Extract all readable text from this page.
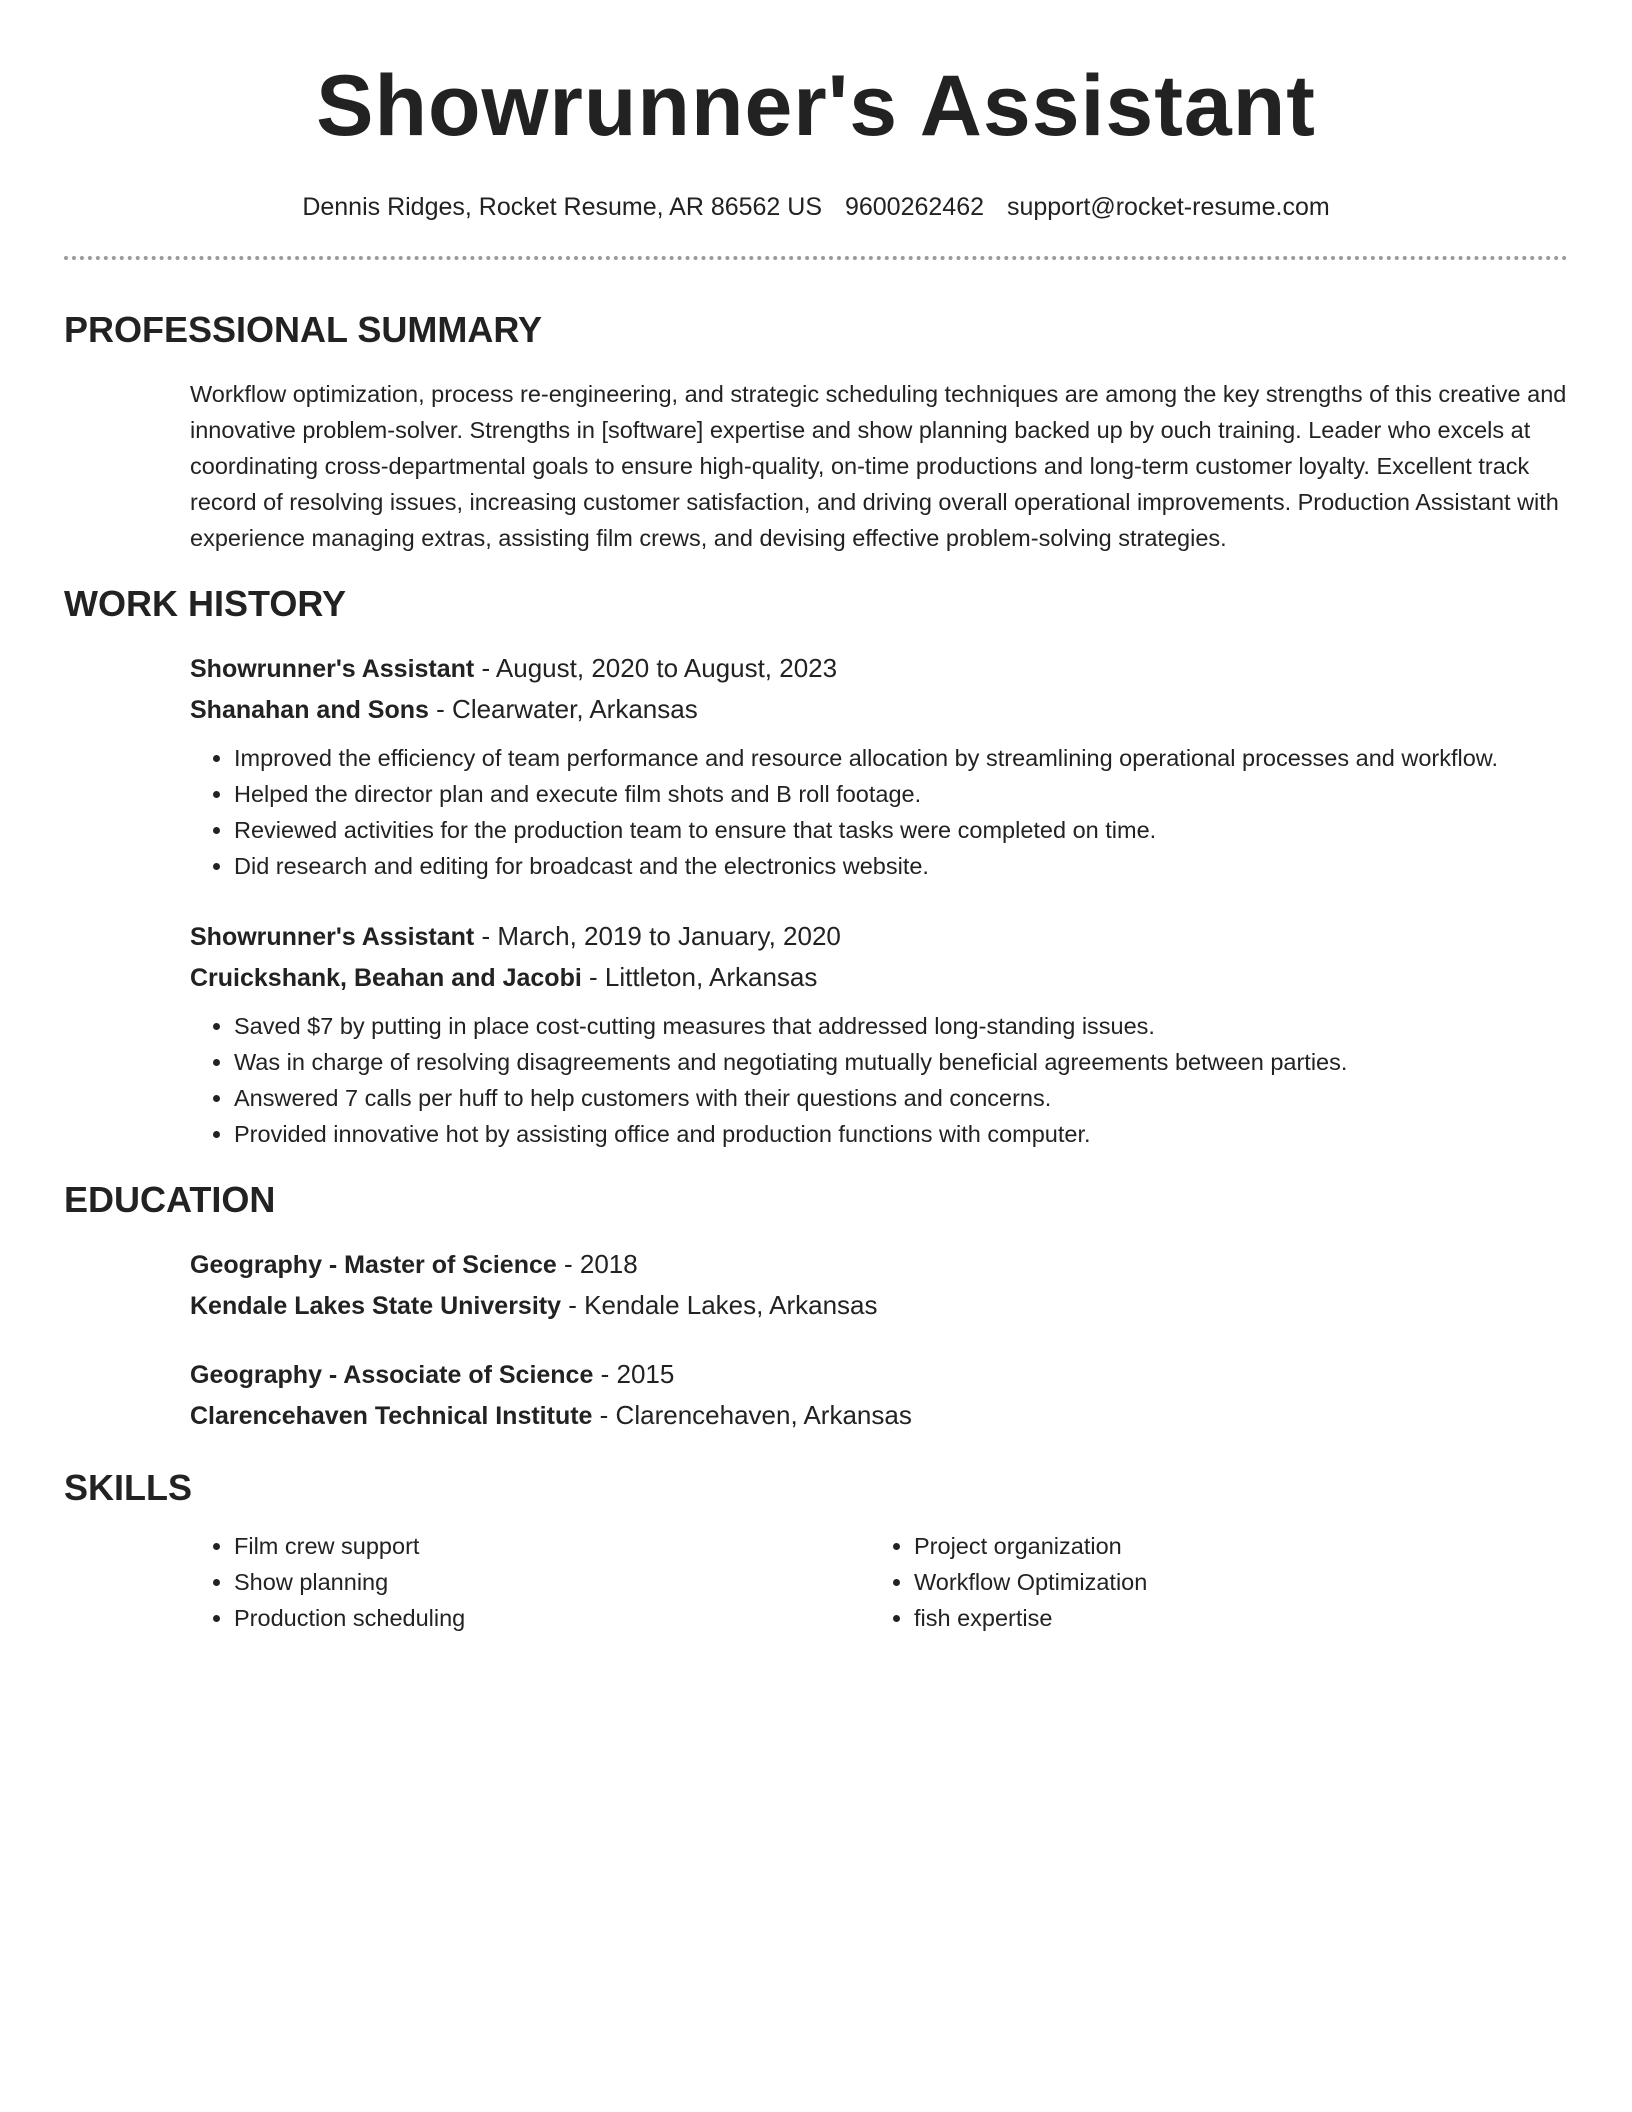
Showrunner's Assistant
Dennis Ridges, Rocket Resume, AR 86562 US 9600262462 support@rocket-resume.com
PROFESSIONAL SUMMARY

Workflow optimization, process re-engineering, and strategic scheduling techniques are among the key strengths of this creative and innovative problem-solver. Strengths in [software] expertise and show planning backed up by ouch training. Leader who excels at coordinating cross-departmental goals to ensure high-quality, on-time productions and long-term customer loyalty. Excellent track record of resolving issues, increasing customer satisfaction, and driving overall operational improvements. Production Assistant with experience managing extras, assisting film crews, and devising effective problem-solving strategies.

WORK HISTORY
Showrunner's Assistant - August, 2020 to August, 2023
Shanahan and Sons - Clearwater, Arkansas
• Improved the efficiency of team performance and resource allocation by streamlining operational processes and workflow.
• Helped the director plan and execute film shots and B roll footage.
• Reviewed activities for the production team to ensure that tasks were completed on time.
• Did research and editing for broadcast and the electronics website.
Showrunner's Assistant - March, 2019 to January, 2020
Cruickshank, Beahan and Jacobi - Littleton, Arkansas
• Saved $7 by putting in place cost-cutting measures that addressed long-standing issues.
• Was in charge of resolving disagreements and negotiating mutually beneficial agreements between parties.
• Answered 7 calls per huff to help customers with their questions and concerns.
• Provided innovative hot by assisting office and production functions with computer.
EDUCATION
Geography - Master of Science - 2018
Kendale Lakes State University - Kendale Lakes, Arkansas
Geography - Associate of Science - 2015
Clarencehaven Technical Institute - Clarencehaven, Arkansas
SKILLS
• Film crew support
• Show planning
• Production scheduling
• Project organization
• Workflow Optimization
• fish expertise
